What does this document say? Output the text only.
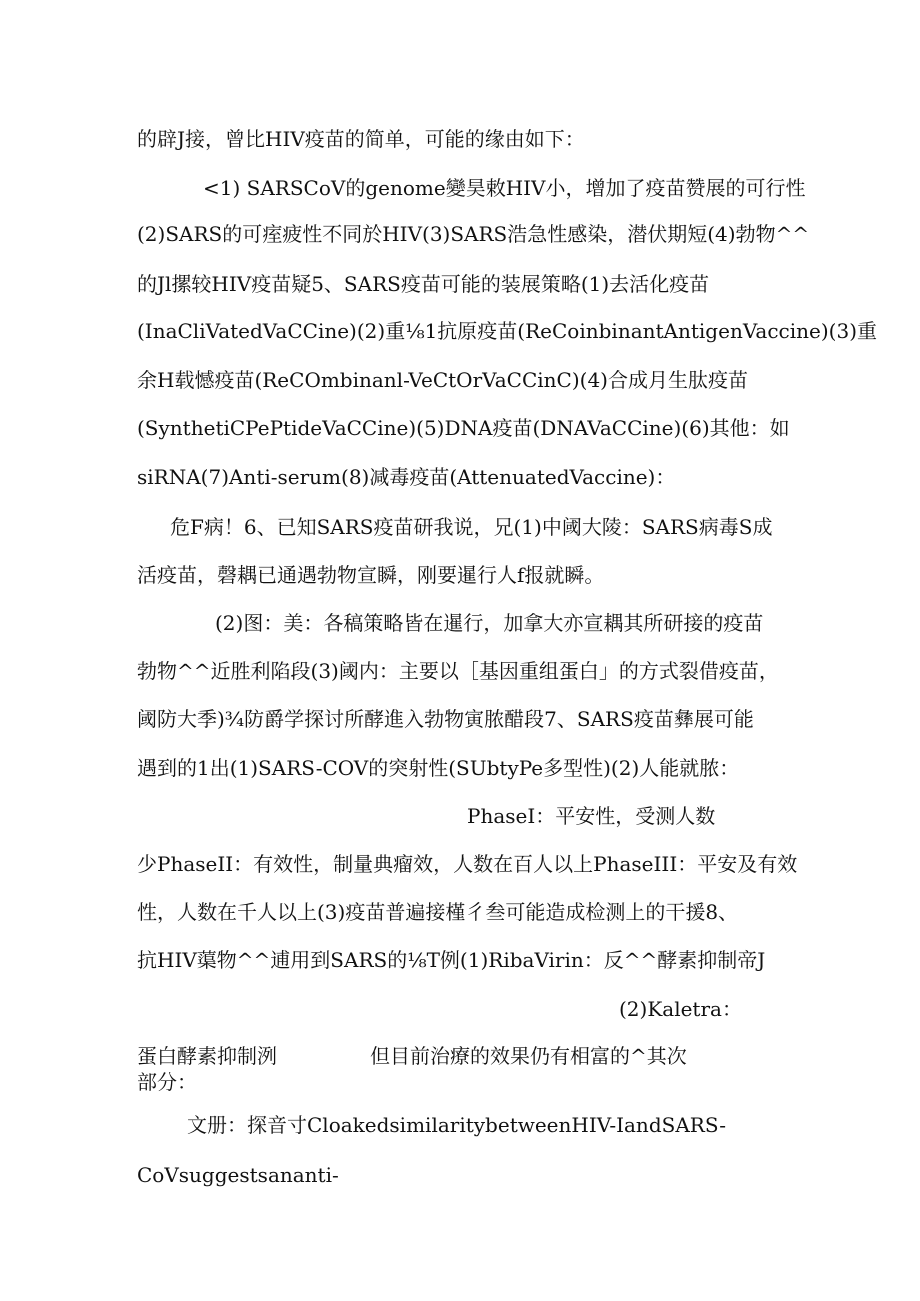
的辟J接，曾比HIV疫苗的简单，可能的缘由如下：
<1) SARSCoV的genome變昊敕HIV小，增加了疫苗赞展的可行性
(2)SARS的可痓疲性不同於HIV(3)SARS浩急性感染，潜伏期短(4)勃物^^
的Jl摞较HIV疫苗疑5、SARS疫苗可能的装展策略(1)去活化疫苗
(InaCliVatedVaCCine)(2)重⅛1抗原疫苗(ReCoinbinantAntigenVaccine)(3)重
余H载憾疫苗(ReCOmbinanl-VeCtOrVaCCinC)(4)合成月生肽疫苗
(SynthetiCPePtideVaCCine)(5)DNA疫苗(DNAVaCCine)(6)其他：如
siRNA(7)Anti-serum(8)减毒疫苗(AttenuatedVaccine)：
危F病！6、已知SARS疫苗研我说，兄(1)中阈大陵：SARS病毒S成
活疫苗，磬耦已通遇勃物宣瞬，刚要暹行人f报就瞬。
(2)图：美：各稿策略皆在暹行，加拿大亦宣耦其所研接的疫苗
勃物^^近胜利陷段(3)阈内：主要以［基因重组蛋白」的方式裂借疫苗，
阈防大季)¾防爵学探讨所酵進入勃物寅脓醋段7、SARS疫苗彝展可能
遇到的1出(1)SARS-COV的突射性(SUbtyPe多型性)(2)人能就脓：
PhaseI：平安性，受测人数
少PhaseII：有效性，制量典瘤效，人数在百人以上PhaseIII：平安及有效
性，人数在千人以上(3)疫苗普遍接槿彳叁可能造成检测上的干援8、
抗HIV蕖物^^逋用到SARS的⅛T例(1)RibaVirin：反^^酵素抑制帝J
(2)Kaletra：
蛋白酵素抑制洌	但目前治療的效果仍有相富的^其次
部分：
文册：探音寸CloakedsimilaritybetweenHIV-IandSARS-
CoVsuggestsananti-
